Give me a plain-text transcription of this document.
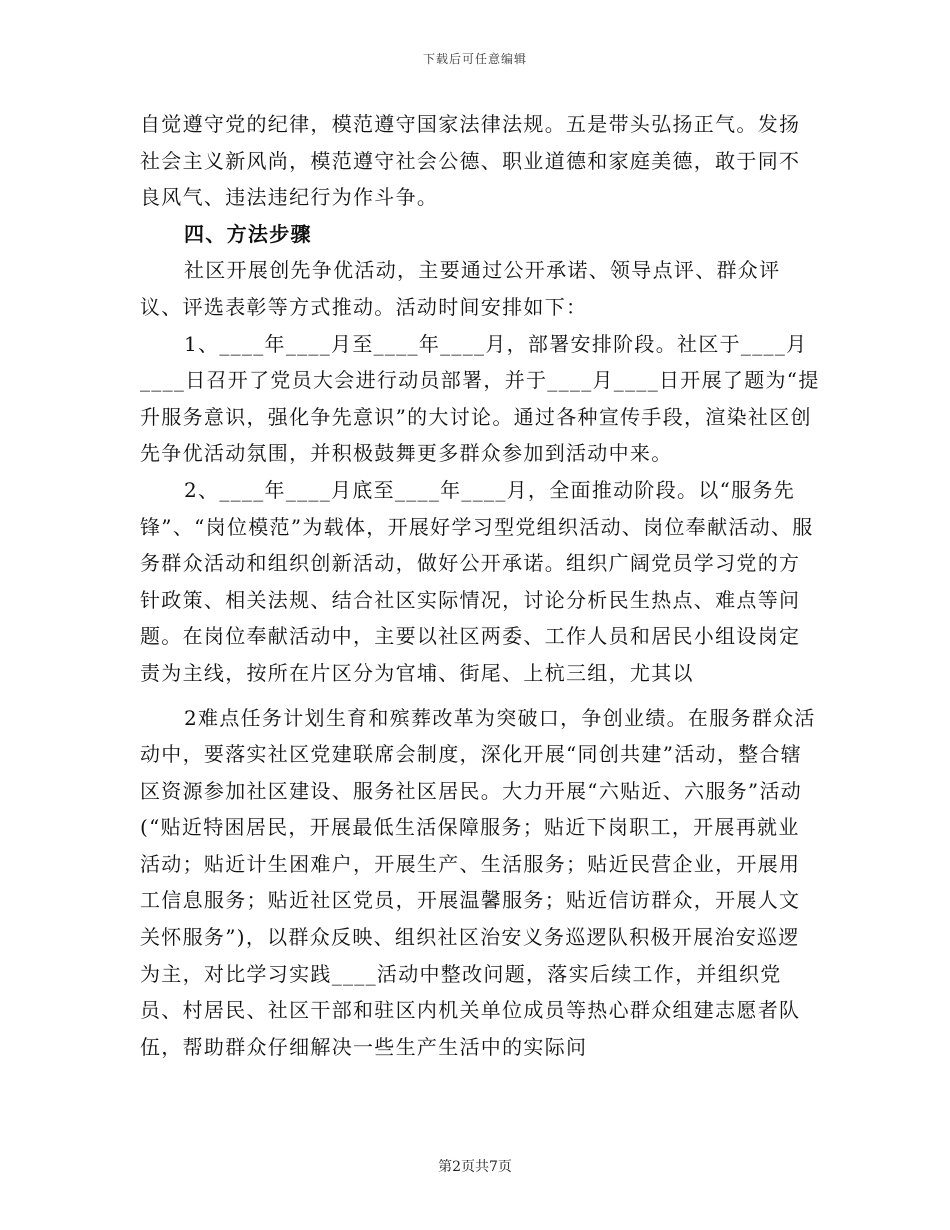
下载后可任意编辑

自觉遵守党的纪律，模范遵守国家法律法规。五是带头弘扬正气。发扬社会主义新风尚，模范遵守社会公德、职业道德和家庭美德，敢于同不良风气、违法违纪行为作斗争。

四、方法步骤

社区开展创先争优活动，主要通过公开承诺、领导点评、群众评议、评选表彰等方式推动。活动时间安排如下：

1、____年____月至____年____月，部署安排阶段。社区于____月____日召开了党员大会进行动员部署，并于____月____日开展了题为“提升服务意识，强化争先意识”的大讨论。通过各种宣传手段，渲染社区创先争优活动氛围，并积极鼓舞更多群众参加到活动中来。

2、____年____月底至____年____月，全面推动阶段。以“服务先锋”、“岗位模范”为载体，开展好学习型党组织活动、岗位奉献活动、服务群众活动和组织创新活动，做好公开承诺。组织广阔党员学习党的方针政策、相关法规、结合社区实际情况，讨论分析民生热点、难点等问题。在岗位奉献活动中，主要以社区两委、工作人员和居民小组设岗定责为主线，按所在片区分为官埔、街尾、上杭三组，尤其以

2难点任务计划生育和殡葬改革为突破口，争创业绩。在服务群众活动中，要落实社区党建联席会制度，深化开展“同创共建”活动，整合辖区资源参加社区建设、服务社区居民。大力开展“六贴近、六服务”活动(“贴近特困居民，开展最低生活保障服务；贴近下岗职工，开展再就业活动；贴近计生困难户，开展生产、生活服务；贴近民营企业，开展用工信息服务；贴近社区党员，开展温馨服务；贴近信访群众，开展人文关怀服务”)，以群众反映、组织社区治安义务巡逻队积极开展治安巡逻为主，对比学习实践____活动中整改问题，落实后续工作，并组织党员、村居民、社区干部和驻区内机关单位成员等热心群众组建志愿者队伍，帮助群众仔细解决一些生产生活中的实际问

第2页共7页
